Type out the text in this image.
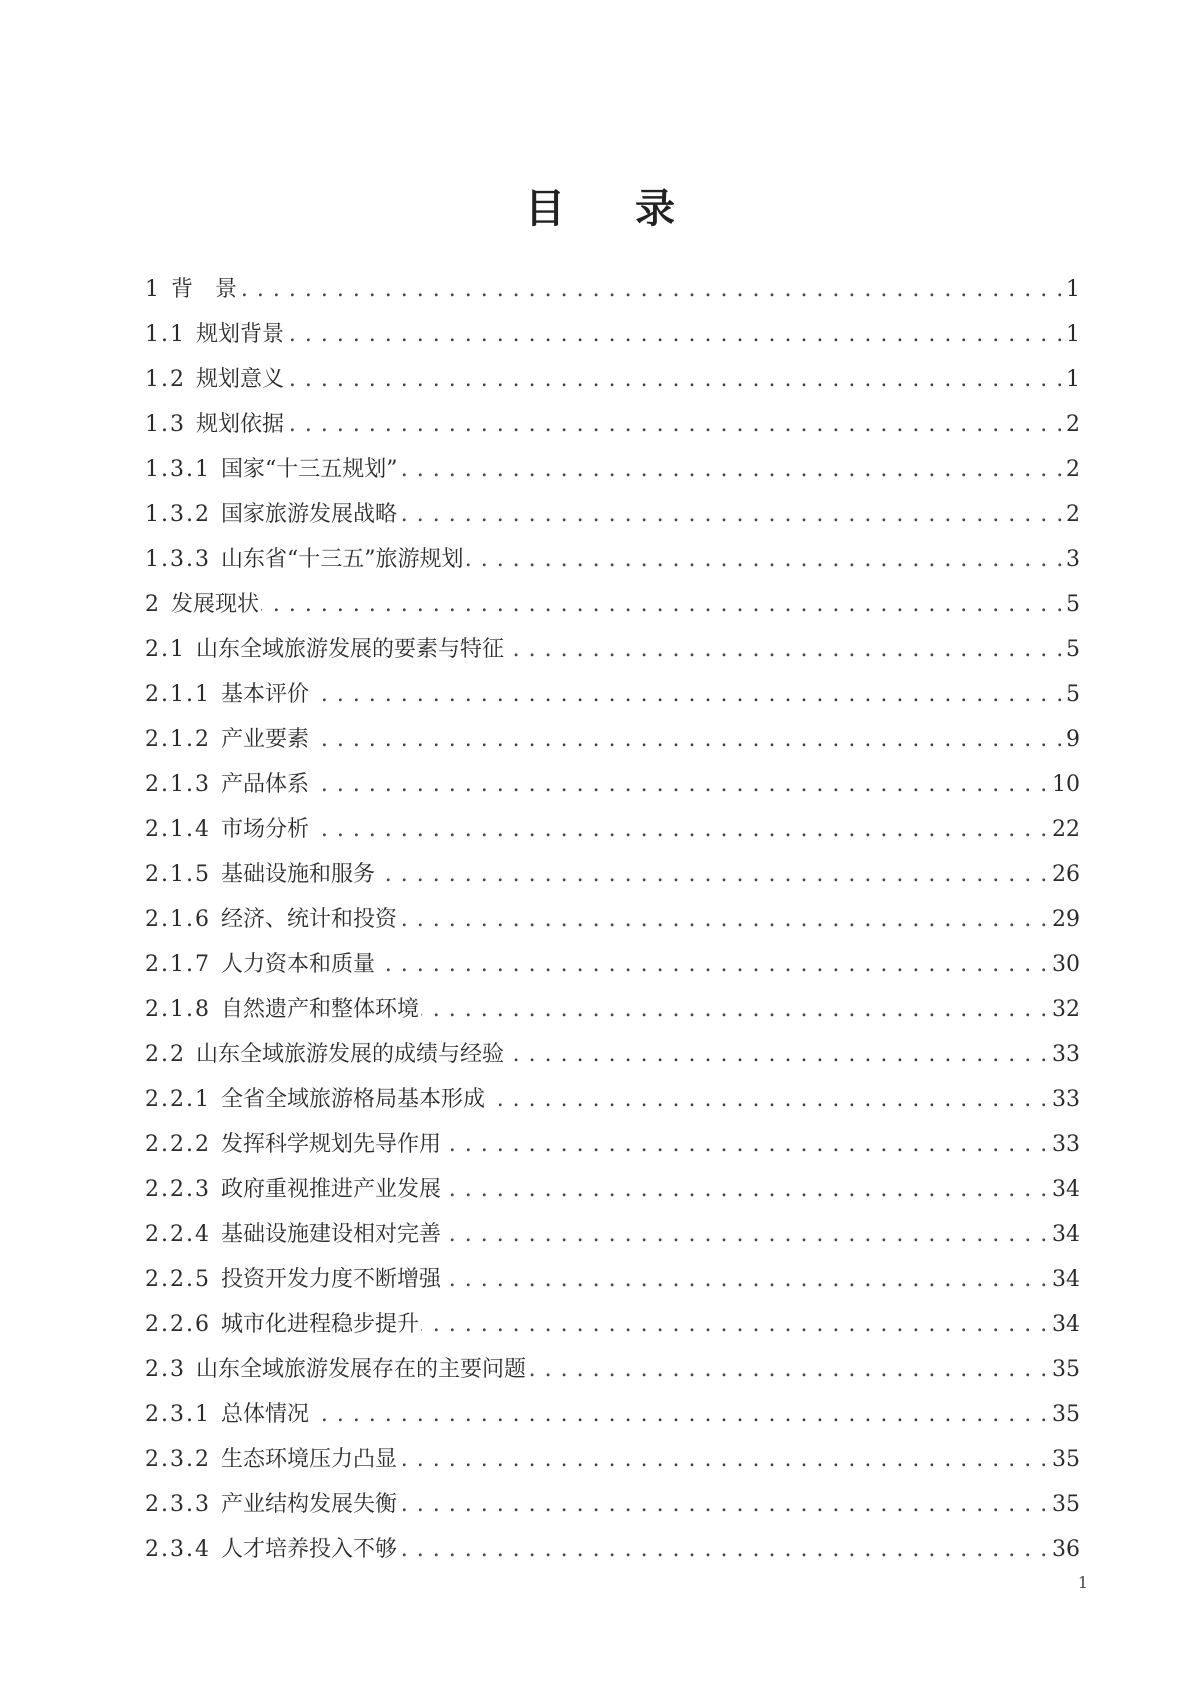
目 录
1 背　景	1
. . .
1.1 规划背景	1
. . .
1.2 规划意义	1
. . .
1.3 规划依据	2
. . .
1.3.1 国家“十三五规划”	2
. . .
1.3.2 国家旅游发展战略	2
. . .
1.3.3 山东省“十三五”旅游规划	3
. . .
2 发展现状	5
. . .
2.1 山东全域旅游发展的要素与特征	5
. . .
2.1.1 基本评价	5
. . .
2.1.2 产业要素	9
. . .
2.1.3 产品体系	10
. . .
2.1.4 市场分析	22
. . .
2.1.5 基础设施和服务	26
. . .
2.1.6 经济、统计和投资	29
. . .
2.1.7 人力资本和质量	30
. . .
2.1.8 自然遗产和整体环境	32
. . .
2.2 山东全域旅游发展的成绩与经验	33
. . .
2.2.1 全省全域旅游格局基本形成	33
. . .
2.2.2 发挥科学规划先导作用	33
. . .
2.2.3 政府重视推进产业发展	34
. . .
2.2.4 基础设施建设相对完善	34
. . .
2.2.5 投资开发力度不断增强	34
. . .
2.2.6 城市化进程稳步提升	34
. . .
2.3 山东全域旅游发展存在的主要问题	35
. . .
2.3.1 总体情况	35
. . .
2.3.2 生态环境压力凸显	35
. . .
2.3.3 产业结构发展失衡	35
. . .
2.3.4 人才培养投入不够	36
. . .
1
